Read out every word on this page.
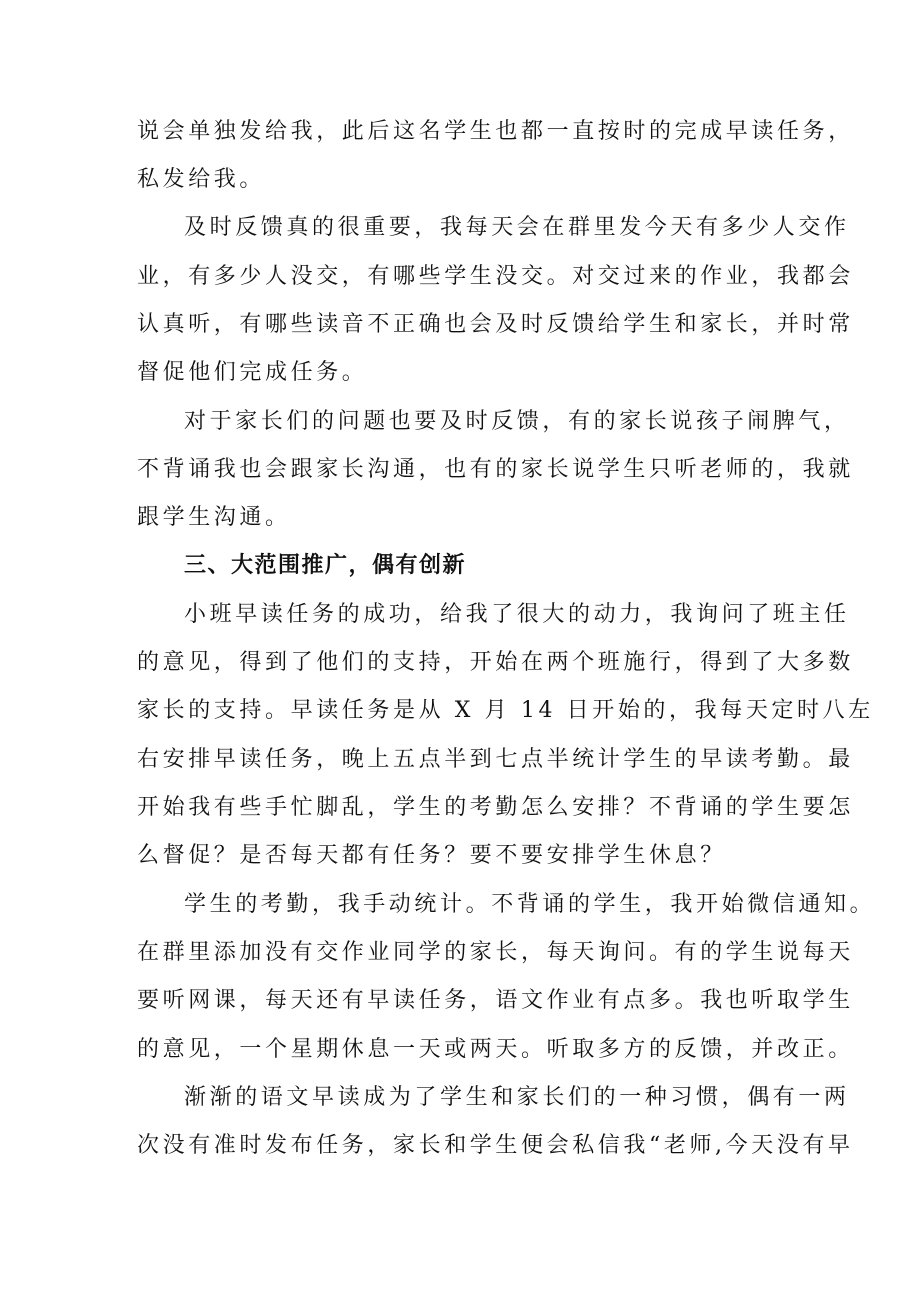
说会单独发给我，此后这名学生也都一直按时的完成早读任务，
私发给我。
及时反馈真的很重要，我每天会在群里发今天有多少人交作
业，有多少人没交，有哪些学生没交。对交过来的作业，我都会
认真听，有哪些读音不正确也会及时反馈给学生和家长，并时常
督促他们完成任务。
对于家长们的问题也要及时反馈，有的家长说孩子闹脾气，
不背诵我也会跟家长沟通，也有的家长说学生只听老师的，我就
跟学生沟通。
三、大范围推广，偶有创新
小班早读任务的成功，给我了很大的动力，我询问了班主任
的意见，得到了他们的支持，开始在两个班施行，得到了大多数
家长的支持。早读任务是从 X 月 14 日开始的，我每天定时八左
右安排早读任务，晚上五点半到七点半统计学生的早读考勤。最
开始我有些手忙脚乱，学生的考勤怎么安排？不背诵的学生要怎
么督促？是否每天都有任务？要不要安排学生休息？
学生的考勤，我手动统计。不背诵的学生，我开始微信通知。
在群里添加没有交作业同学的家长，每天询问。有的学生说每天
要听网课，每天还有早读任务，语文作业有点多。我也听取学生
的意见，一个星期休息一天或两天。听取多方的反馈，并改正。
渐渐的语文早读成为了学生和家长们的一种习惯，偶有一两
次没有准时发布任务，家长和学生便会私信我“老师,今天没有早
